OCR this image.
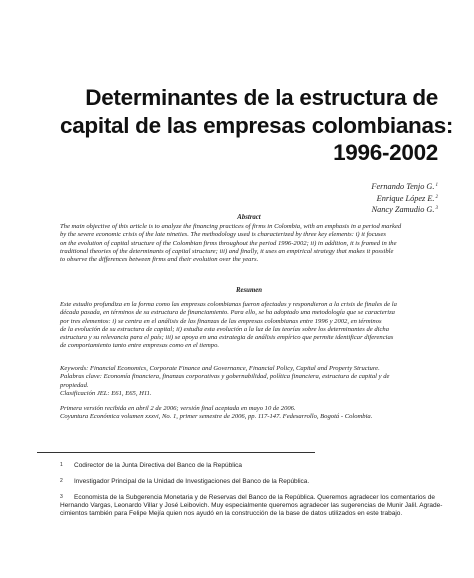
Determinantes de la estructura de
capital de las empresas colombianas:
1996-2002
Fernando Tenjo G.$^1$
Enrique López E.$^2$
Nancy Zamudio G.$^3$
Abstract
The main objective of this article is to analyze the financing practices of firms in Colombia, with an emphasis in a period marked
by the severe economic crisis of the late nineties. The methodology used is characterized by three key elements: i) it focuses
on the evolution of capital structure of the Colombian firms throughout the period 1996-2002; ii) in addition, it is framed in the
traditional theories of the determinants of capital structure; iii) and finally, it uses an empirical strategy that makes it possible
to observe the differences between firms and their evolution over the years.
Resumen
Este estudio profundiza en la forma como las empresas colombianas fueron afectadas y respondieron a la crisis de finales de la
década pasada, en términos de su estructura de financiamiento. Para ello, se ha adoptado una metodología que se caracteriza
por tres elementos: i) se centra en el análisis de las finanzas de las empresas colombianas entre 1996 y 2002, en términos
de la evolución de su estructura de capital; ii) estudia esta evolución a la luz de las teorías sobre los determinantes de dicha
estructura y su relevancia para el país; iii) se apoya en una estrategia de análisis empírico que permite identificar diferencias
de comportamiento tanto entre empresas como en el tiempo.
Keywords: Financial Economics, Corporate Finance and Governance, Financial Policy, Capital and Property Structure.
Palabras clave: Economía financiera, finanzas corporativas y gobernabilidad, política financiera, estructura de capital y de
propiedad.
Clasificación JEL: E61, E65, H11.
Primera versión recibida en abril 2 de 2006; versión final aceptada en mayo 10 de 2006.
Coyuntura Económica volumen xxxvi, No. 1, primer semestre de 2006, pp. 117-147. Fedesarrollo, Bogotá - Colombia.
1	Codirector de la Junta Directiva del Banco de la República
2	Investigador Principal de la Unidad de Investigaciones del Banco de la República.
3	Economista de la Subgerencia Monetaria y de Reservas del Banco de la República. Queremos agradecer los comentarios de
Hernando Vargas, Leonardo Villar y José Leibovich. Muy especialmente queremos agradecer las sugerencias de Munir Jalil. Agrade-
cimientos también para Felipe Mejía quien nos ayudó en la construcción de la base de datos utilizados en este trabajo.
